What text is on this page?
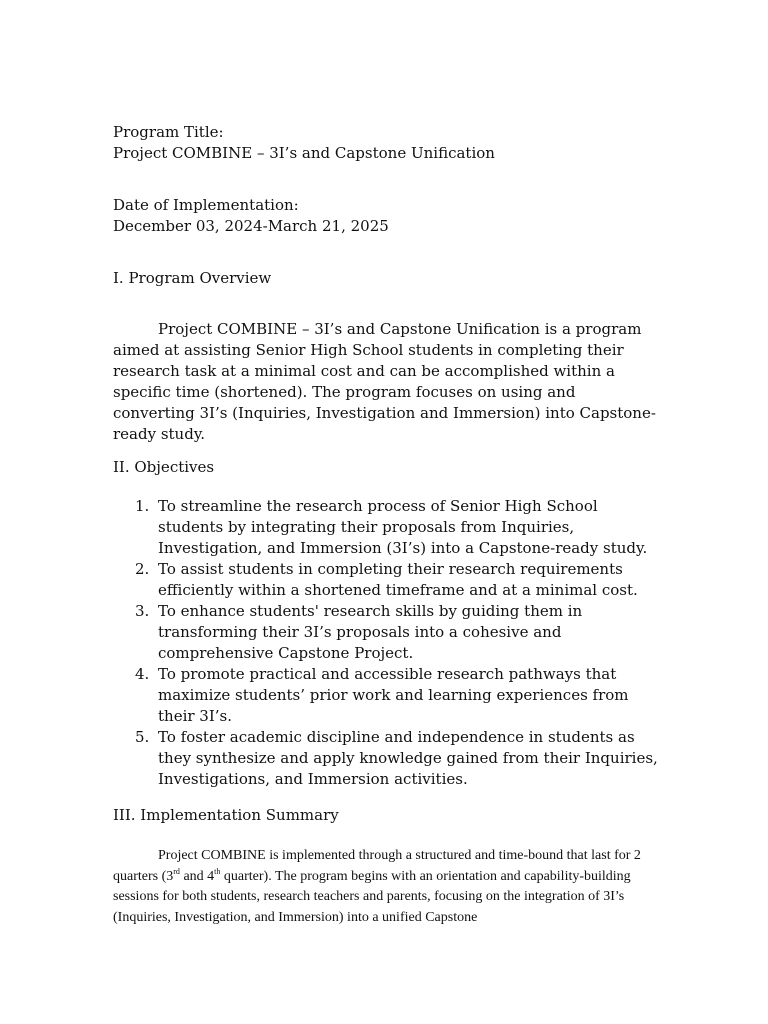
Program Title:

Project COMBINE – 3I’s and Capstone Unification

Date of Implementation:

December 03, 2024-March 21, 2025

I. Program Overview

Project COMBINE – 3I’s and Capstone Unification is a program aimed at assisting Senior High School students in completing their research task at a minimal cost and can be accomplished within a specific time (shortened). The program focuses on using and converting 3I’s (Inquiries, Investigation and Immersion) into Capstone-ready study.

II. Objectives

1. To streamline the research process of Senior High School students by integrating their proposals from Inquiries, Investigation, and Immersion (3I’s) into a Capstone-ready study.
2. To assist students in completing their research requirements efficiently within a shortened timeframe and at a minimal cost.
3. To enhance students' research skills by guiding them in transforming their 3I’s proposals into a cohesive and comprehensive Capstone Project.
4. To promote practical and accessible research pathways that maximize students’ prior work and learning experiences from their 3I’s.
5. To foster academic discipline and independence in students as they synthesize and apply knowledge gained from their Inquiries, Investigations, and Immersion activities.

III. Implementation Summary

Project COMBINE is implemented through a structured and time-bound that last for 2 quarters (3rd and 4th quarter). The program begins with an orientation and capability-building sessions for both students, research teachers and parents, focusing on the integration of 3I’s (Inquiries, Investigation, and Immersion) into a unified Capstone
